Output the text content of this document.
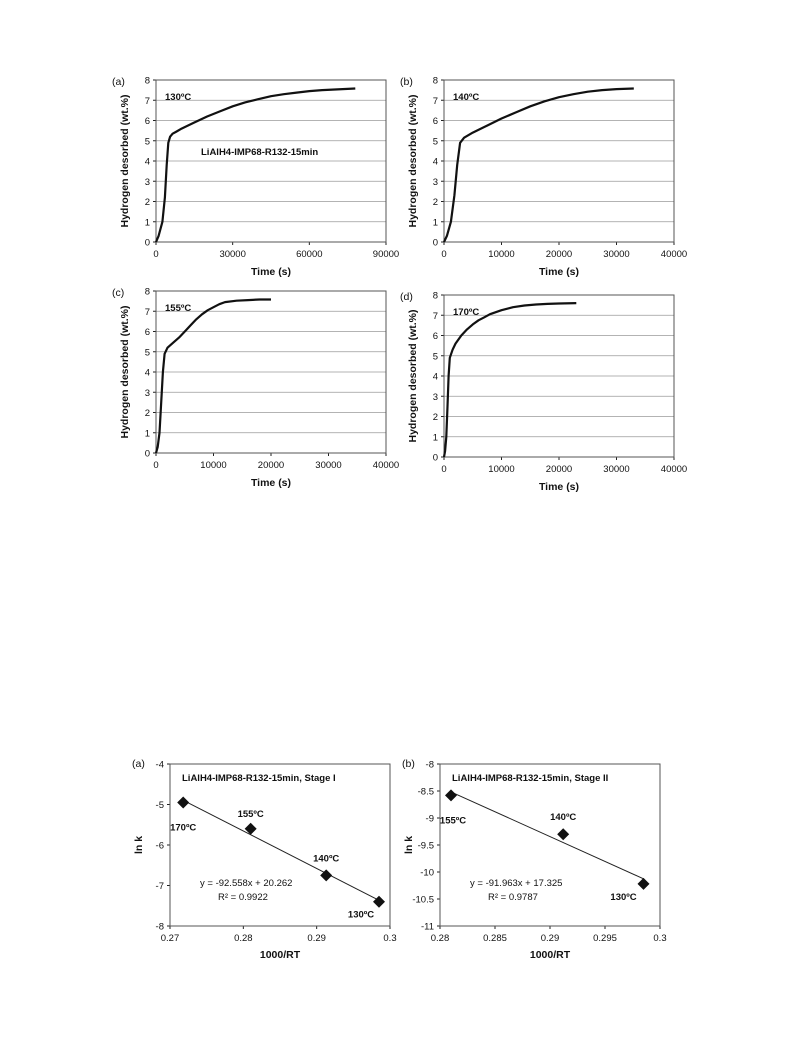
0
1
2
3
4
5
6
7
8
0	30000	60000	90000
(a)
130ºC
LiAlH4-IMP68-R132-15min
Time (s)
Hydrogen desorbed (wt.%)
0
1
2
3
4
5
6
7
8
0	10000	20000	30000	40000
(b)
140ºC
Time (s)
Hydrogen desorbed (wt.%)
0
1
2
3
4
5
6
7
8
0	10000	20000	30000	40000
(c)
155ºC
Time (s)
Hydrogen desorbed (wt.%)
0
1
2
3
4
5
6
7
8
0	10000	20000	30000	40000
(d)
170ºC
Time (s)
Hydrogen desorbed (wt.%)
-8
-7
-6
-5
-4
0.27	0.28	0.29	0.3
170ºC
155ºC
140ºC
130ºC
(a)
LiAlH4-IMP68-R132-15min, Stage I
y = -92.558x + 20.262
R² = 0.9922
1000/RT
ln k
-11
-10.5
-10
-9.5
-9
-8.5
-8
0.28	0.285	0.29	0.295	0.3
155ºC	140ºC
130ºC
(b)
LiAlH4-IMP68-R132-15min, Stage II
y = -91.963x + 17.325
R² = 0.9787
1000/RT
ln k
